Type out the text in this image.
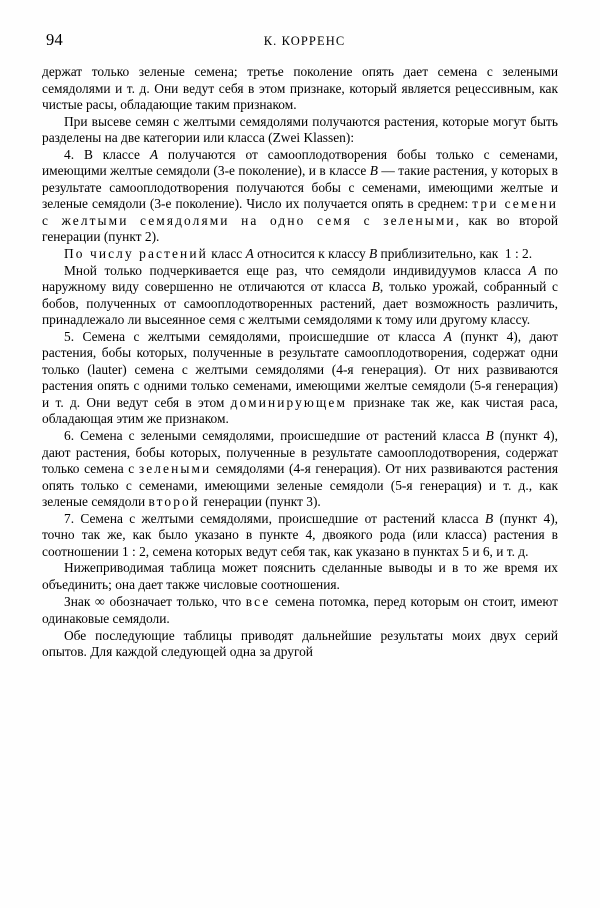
94	К. КОРРЕНС

держат только зеленые семена; третье поколение опять дает семена с зелеными семядолями и т. д. Они ведут себя в этом признаке, который является рецессивным, как чистые расы, обладающие таким признаком.

При высеве семян с желтыми семядолями получаются растения, которые могут быть разделены на две категории или класса (Zwei Klassen):

4. В классе A получаются от самооплодотворения бобы только с семенами, имеющими желтые семядоли (3-е поколение), и в классе B — такие растения, у которых в результате самооплодотворения получаются бобы с семенами, имеющими желтые и зеленые семядоли (3-е поколение). Число их получается опять в среднем: три семени с желтыми семядолями на одно семя с зелеными, как во второй генерации (пункт 2).

По числу растений класс A относится к классу B приблизительно, как  1 : 2.

Мной только подчеркивается еще раз, что семядоли индивидуумов класса A по наружному виду совершенно не отличаются от класса B, только урожай, собранный с бобов, полученных от самооплодотворенных растений, дает возможность различить, принадлежало ли высеянное семя с желтыми семядолями к тому или другому классу.

5. Семена с желтыми семядолями, происшедшие от класса A (пункт 4), дают растения, бобы которых, полученные в результате самооплодотворения, содержат одни только (lauter) семена с желтыми семядолями (4-я генерация). От них развиваются растения опять с одними только семенами, имеющими желтые семядоли (5-я генерация) и т. д. Они ведут себя в этом доминирующем признаке так же, как чистая раса, обладающая этим же признаком.

6. Семена с зелеными семядолями, происшедшие от растений класса B (пункт 4), дают растения, бобы которых, полученные в результате самооплодотворения, содержат только семена с зелеными семядолями (4-я генерация). От них развиваются растения опять только с семенами, имеющими зеленые семядоли (5-я генерация) и т. д., как зеленые семядоли второй генерации (пункт 3).

7. Семена с желтыми семядолями, происшедшие от растений класса B (пункт 4), точно так же, как было указано в пункте 4, двоякого рода (или класса) растения в соотношении 1 : 2, семена которых ведут себя так, как указано в пунктах 5 и 6, и т. д.

Нижеприводимая таблица может пояснить сделанные выводы и в то же время их объединить; она дает также числовые соотношения.

Знак ∞ обозначает только, что все семена потомка, перед которым он стоит, имеют одинаковые семядоли.

Обе последующие таблицы приводят дальнейшие результаты моих двух серий опытов. Для каждой следующей одна за другой
